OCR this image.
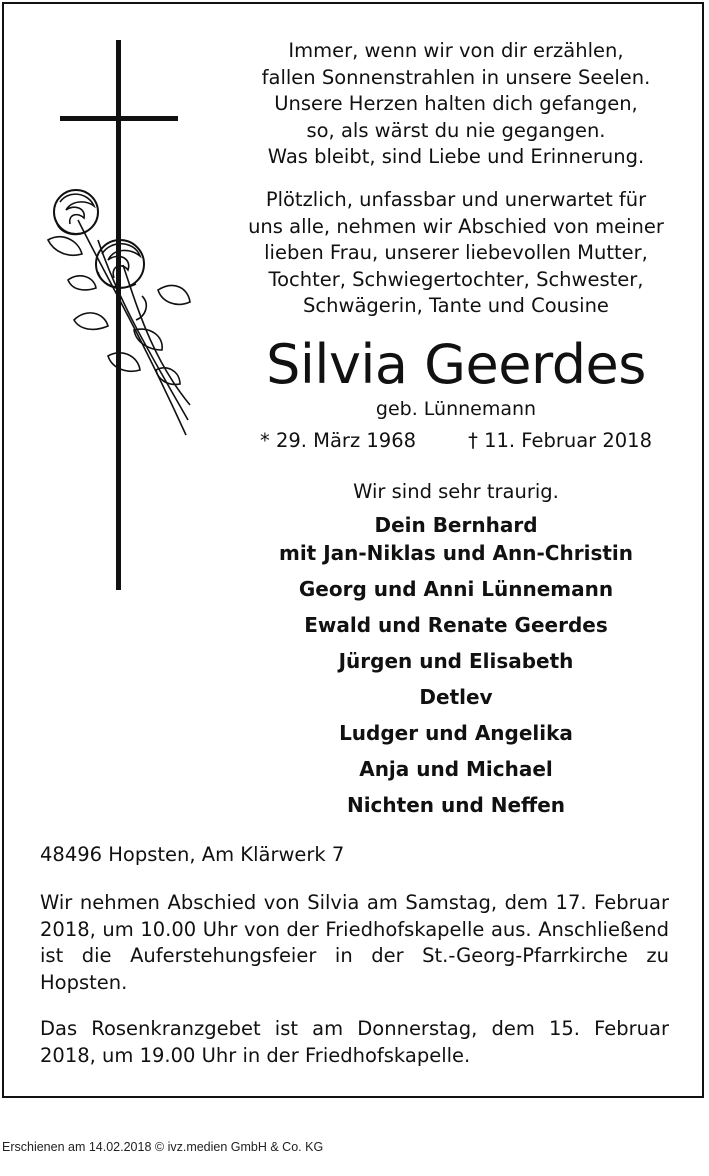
Immer, wenn wir von dir erzählen,
fallen Sonnenstrahlen in unsere Seelen.
Unsere Herzen halten dich gefangen,
so, als wärst du nie gegangen.
Was bleibt, sind Liebe und Erinnerung.
Plötzlich, unfassbar und unerwartet für
uns alle, nehmen wir Abschied von meiner
lieben Frau, unserer liebevollen Mutter,
Tochter, Schwiegertochter, Schwester,
Schwägerin, Tante und Cousine
Silvia Geerdes
geb. Lünnemann
* 29. März 1968	† 11. Februar 2018
Wir sind sehr traurig.
Dein Bernhard
mit Jan-Niklas und Ann-Christin
Georg und Anni Lünnemann
Ewald und Renate Geerdes
Jürgen und Elisabeth
Detlev
Ludger und Angelika
Anja und Michael
Nichten und Neffen
48496 Hopsten, Am Klärwerk 7
Wir nehmen Abschied von Silvia am Samstag, dem 17. Februar 2018, um 10.00 Uhr von der Friedhofskapelle aus. Anschließend ist die Auferstehungsfeier in der St.-Georg-Pfarrkirche zu Hopsten.
Das Rosenkranzgebet ist am Donnerstag, dem 15. Februar 2018, um 19.00 Uhr in der Friedhofskapelle.
Erschienen am 14.02.2018 © ivz.medien GmbH & Co. KG
